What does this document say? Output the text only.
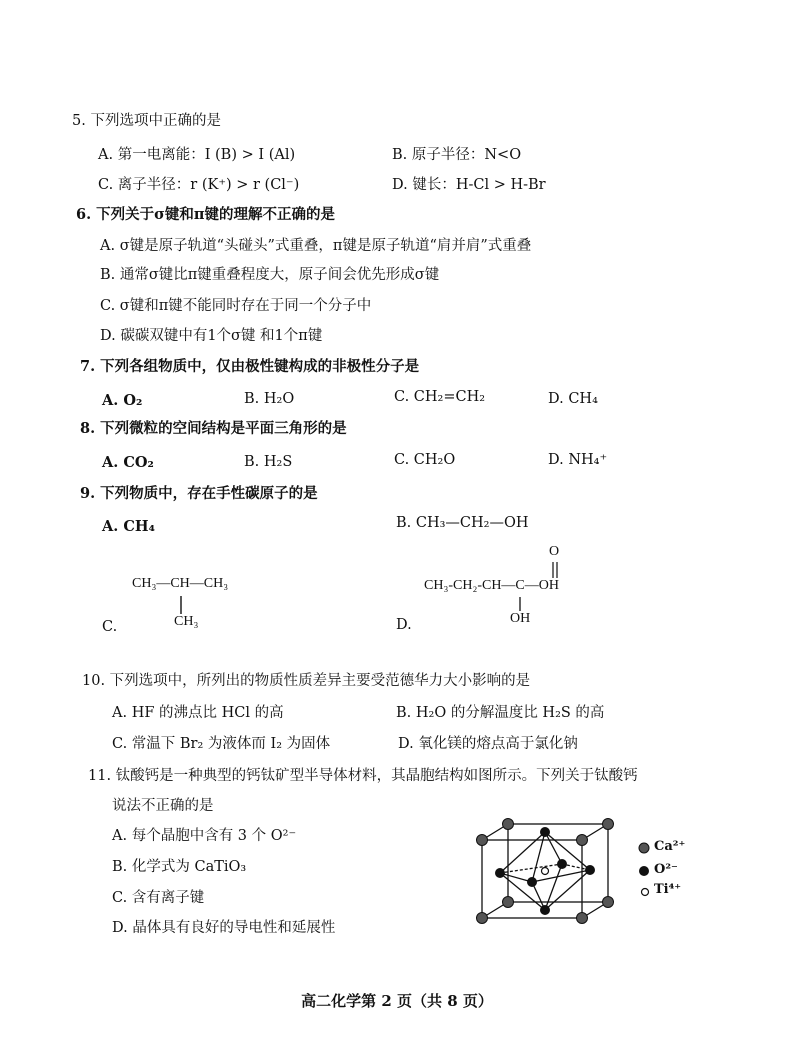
5. 下列选项中正确的是
A. 第一电离能：I (B) > I (Al)	B. 原子半径：N<O
C. 离子半径：r (K⁺) > r (Cl⁻)	D. 键长：H-Cl > H-Br
6. 下列关于σ键和π键的理解不正确的是
A. σ键是原子轨道“头碰头”式重叠，π键是原子轨道“肩并肩”式重叠
B. 通常σ键比π键重叠程度大，原子间会优先形成σ键
C. σ键和π键不能同时存在于同一个分子中
D. 碳碳双键中有1个σ键 和1个π键
7. 下列各组物质中，仅由极性键构成的非极性分子是
A. O₂	B. H₂O	C. CH₂=CH₂	D. CH₄
8. 下列微粒的空间结构是平面三角形的是
A. CO₂	B. H₂S	C. CH₂O	D. NH₄⁺
9. 下列物质中，存在手性碳原子的是
A. CH₄	B. CH₃—CH₂—OH
C.	D.
CH₃—CH—CH₃
CH₃
O
CH₃-CH₂-CH—C—OH
OH
10. 下列选项中，所列出的物质性质差异主要受范德华力大小影响的是
A. HF 的沸点比 HCl 的高	B. H₂O 的分解温度比 H₂S 的高
C. 常温下 Br₂ 为液体而 I₂ 为固体	D. 氧化镁的熔点高于氯化钠
11. 钛酸钙是一种典型的钙钛矿型半导体材料，其晶胞结构如图所示。下列关于钛酸钙
说法不正确的是
A. 每个晶胞中含有 3 个 O²⁻
B. 化学式为 CaTiO₃
C. 含有离子键
D. 晶体具有良好的导电性和延展性
Ca²⁺
O²⁻
Ti⁴⁺
高二化学第 2 页（共 8 页）
